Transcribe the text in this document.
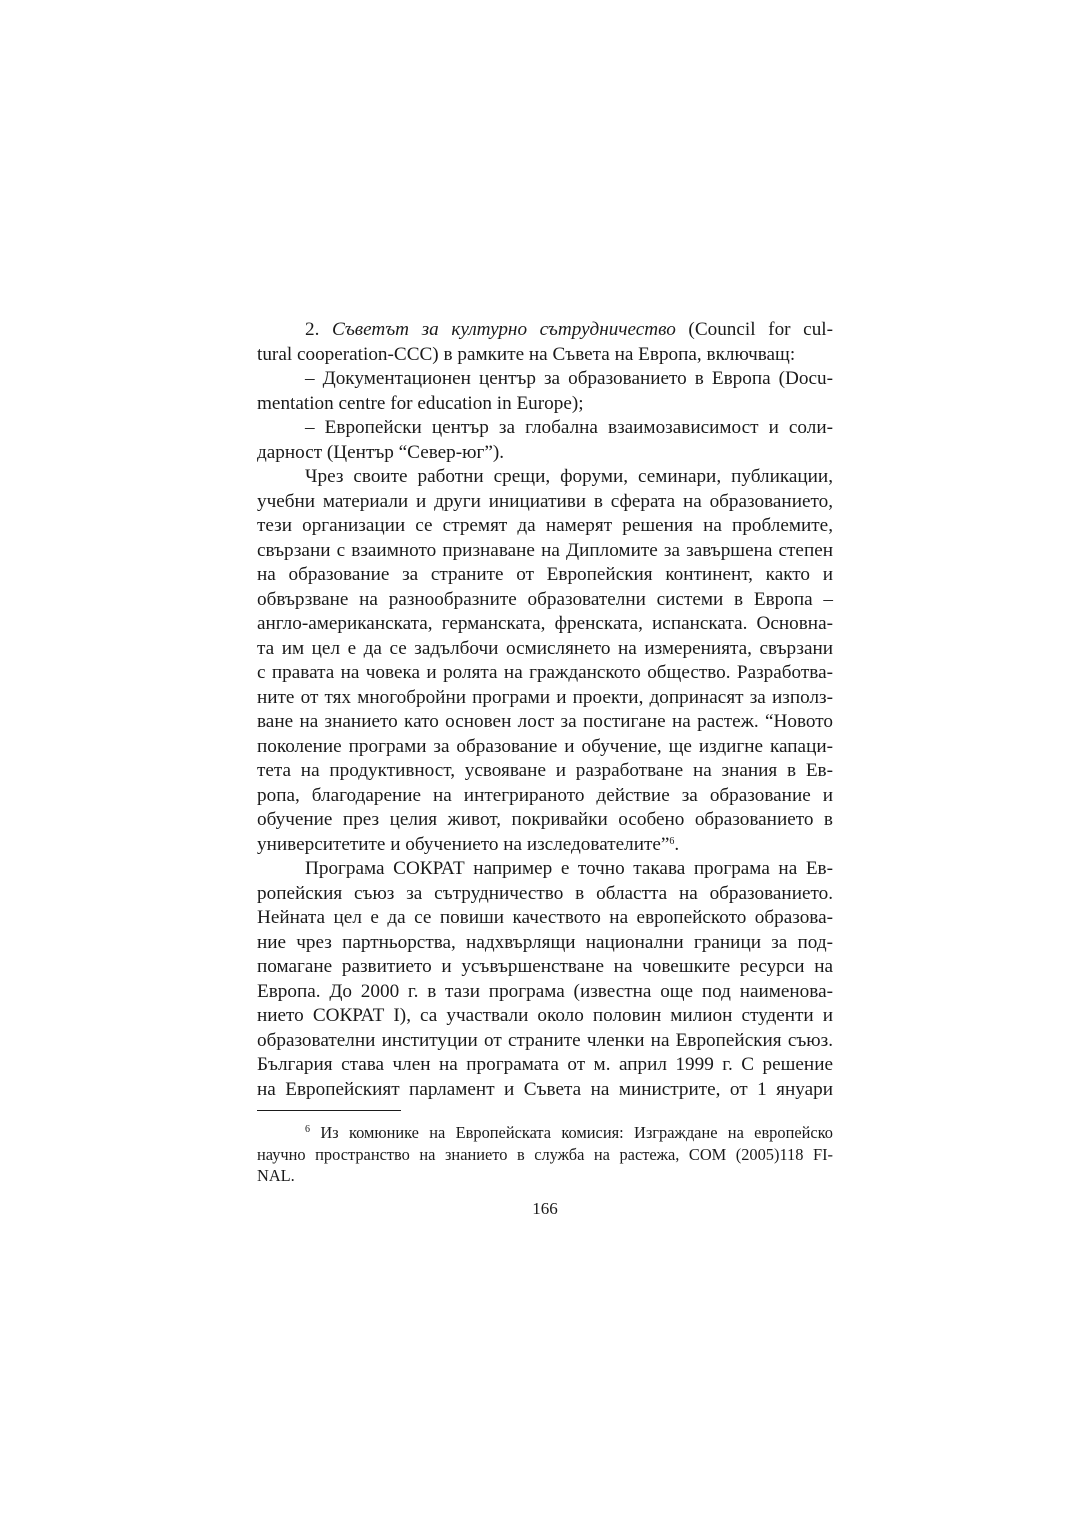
2. Съветът за културно сътрудничество (Council for cul-

tural cooperation-CCC) в рамките на Съвета на Европа, включващ:

– Документационен център за образованието в Европа (Docu-

mentation centre for education in Europe);

– Европейски център за глобална взаимозависимост и соли-

дарност (Център “Север-юг”).

Чрез своите работни срещи, форуми, семинари, публикации,

учебни материали и други инициативи в сферата на образованието,

тези организации се стремят да намерят решения на проблемите,

свързани с взаимното признаване на Дипломите за завършена степен

на образование за страните от Европейския континент, както и

обвързване на разнообразните образователни системи в Европа –

англо-американската, германската, френската, испанската. Основна-

та им цел е да се задълбочи осмислянето на измеренията, свързани

с правата на човека и ролята на гражданското общество. Разработва-

ните от тях многобройни програми и проекти, допринасят за използ-

ване на знанието като основен лост за постигане на растеж. “Новото

поколение програми за образование и обучение, ще издигне капаци-

тета на продуктивност, усвояване и разработване на знания в Ев-

ропа, благодарение на интегрираното действие за образование и

обучение през целия живот, покривайки особено образованието в

университетите и обучението на изследователите”$^6$.

Програма СОКРАТ например е точно такава програма на Ев-

ропейския съюз за сътрудничество в областта на образованието.

Нейната цел е да се повиши качеството на европейското образова-

ние чрез партньорства, надхвърлящи национални граници за под-

помагане развитието и усъвършенстване на човешките ресурси на

Европа. До 2000 г. в тази програма (известна още под наименова-

нието СОКРАТ I), са участвали около половин милион студенти и

образователни институции от страните членки на Европейския съюз.

България става член на програмата от м. април 1999 г. С решение

на Европейският парламент и Съвета на министрите, от 1 януари

$^6$ Из комюнике на Европейската комисия: Изграждане на европейско

научно пространство на знанието в служба на растежа, COM (2005)118 FI-

NAL.

166
